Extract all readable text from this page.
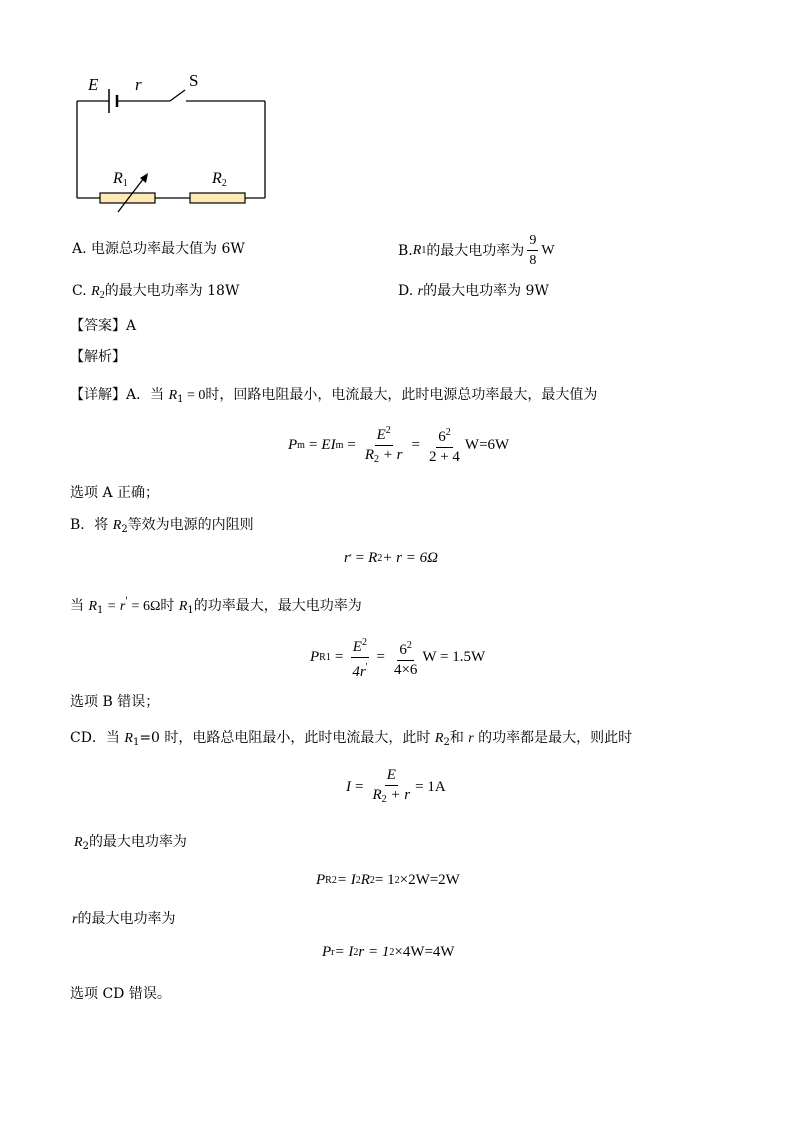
E r	S
$R_1$	$R_2$
A. 电源总功率最大值为 6W	B. R 1 的最大电功率为 $\frac{9}{8}$ W
C. $R_2$的最大电功率为 18W	D. r的最大电功率为 9W
【答案】A
【解析】
【详解】A．当 $R_1 = 0$时，回路电阻最小，电流最大，此时电源总功率最大，最大值为
P m = EI $m = \frac{E^2}{R_2 + r} = \frac{6^2}{2 + 4} W=6W$
选项 A 正确；
B．将 $R_2$等效为电源的内阻则
r ' = R 2 + r = 6Ω
当 $R_1 = r' = 6\Omega$时 $R_1$的功率最大，最大电功率为
P $R1 = \frac{E^2}{4r'} = \frac{6^2}{4\times 6}$ W = 1.5W
选项 B 错误；
CD．当 $R_1=0$ 时，电路总电阻最小，此时电流最大，此时 $R_2$和 r 的功率都是最大，则此时
$I = \frac{E}{R_2 + r} = 1A$
$R_2$的最大电功率为
P R2 = I 2 R 2 = 1 2 ×2W=2W
r的最大电功率为
P r = I 2 r = 1 2 ×4W=4W
选项 CD 错误。
